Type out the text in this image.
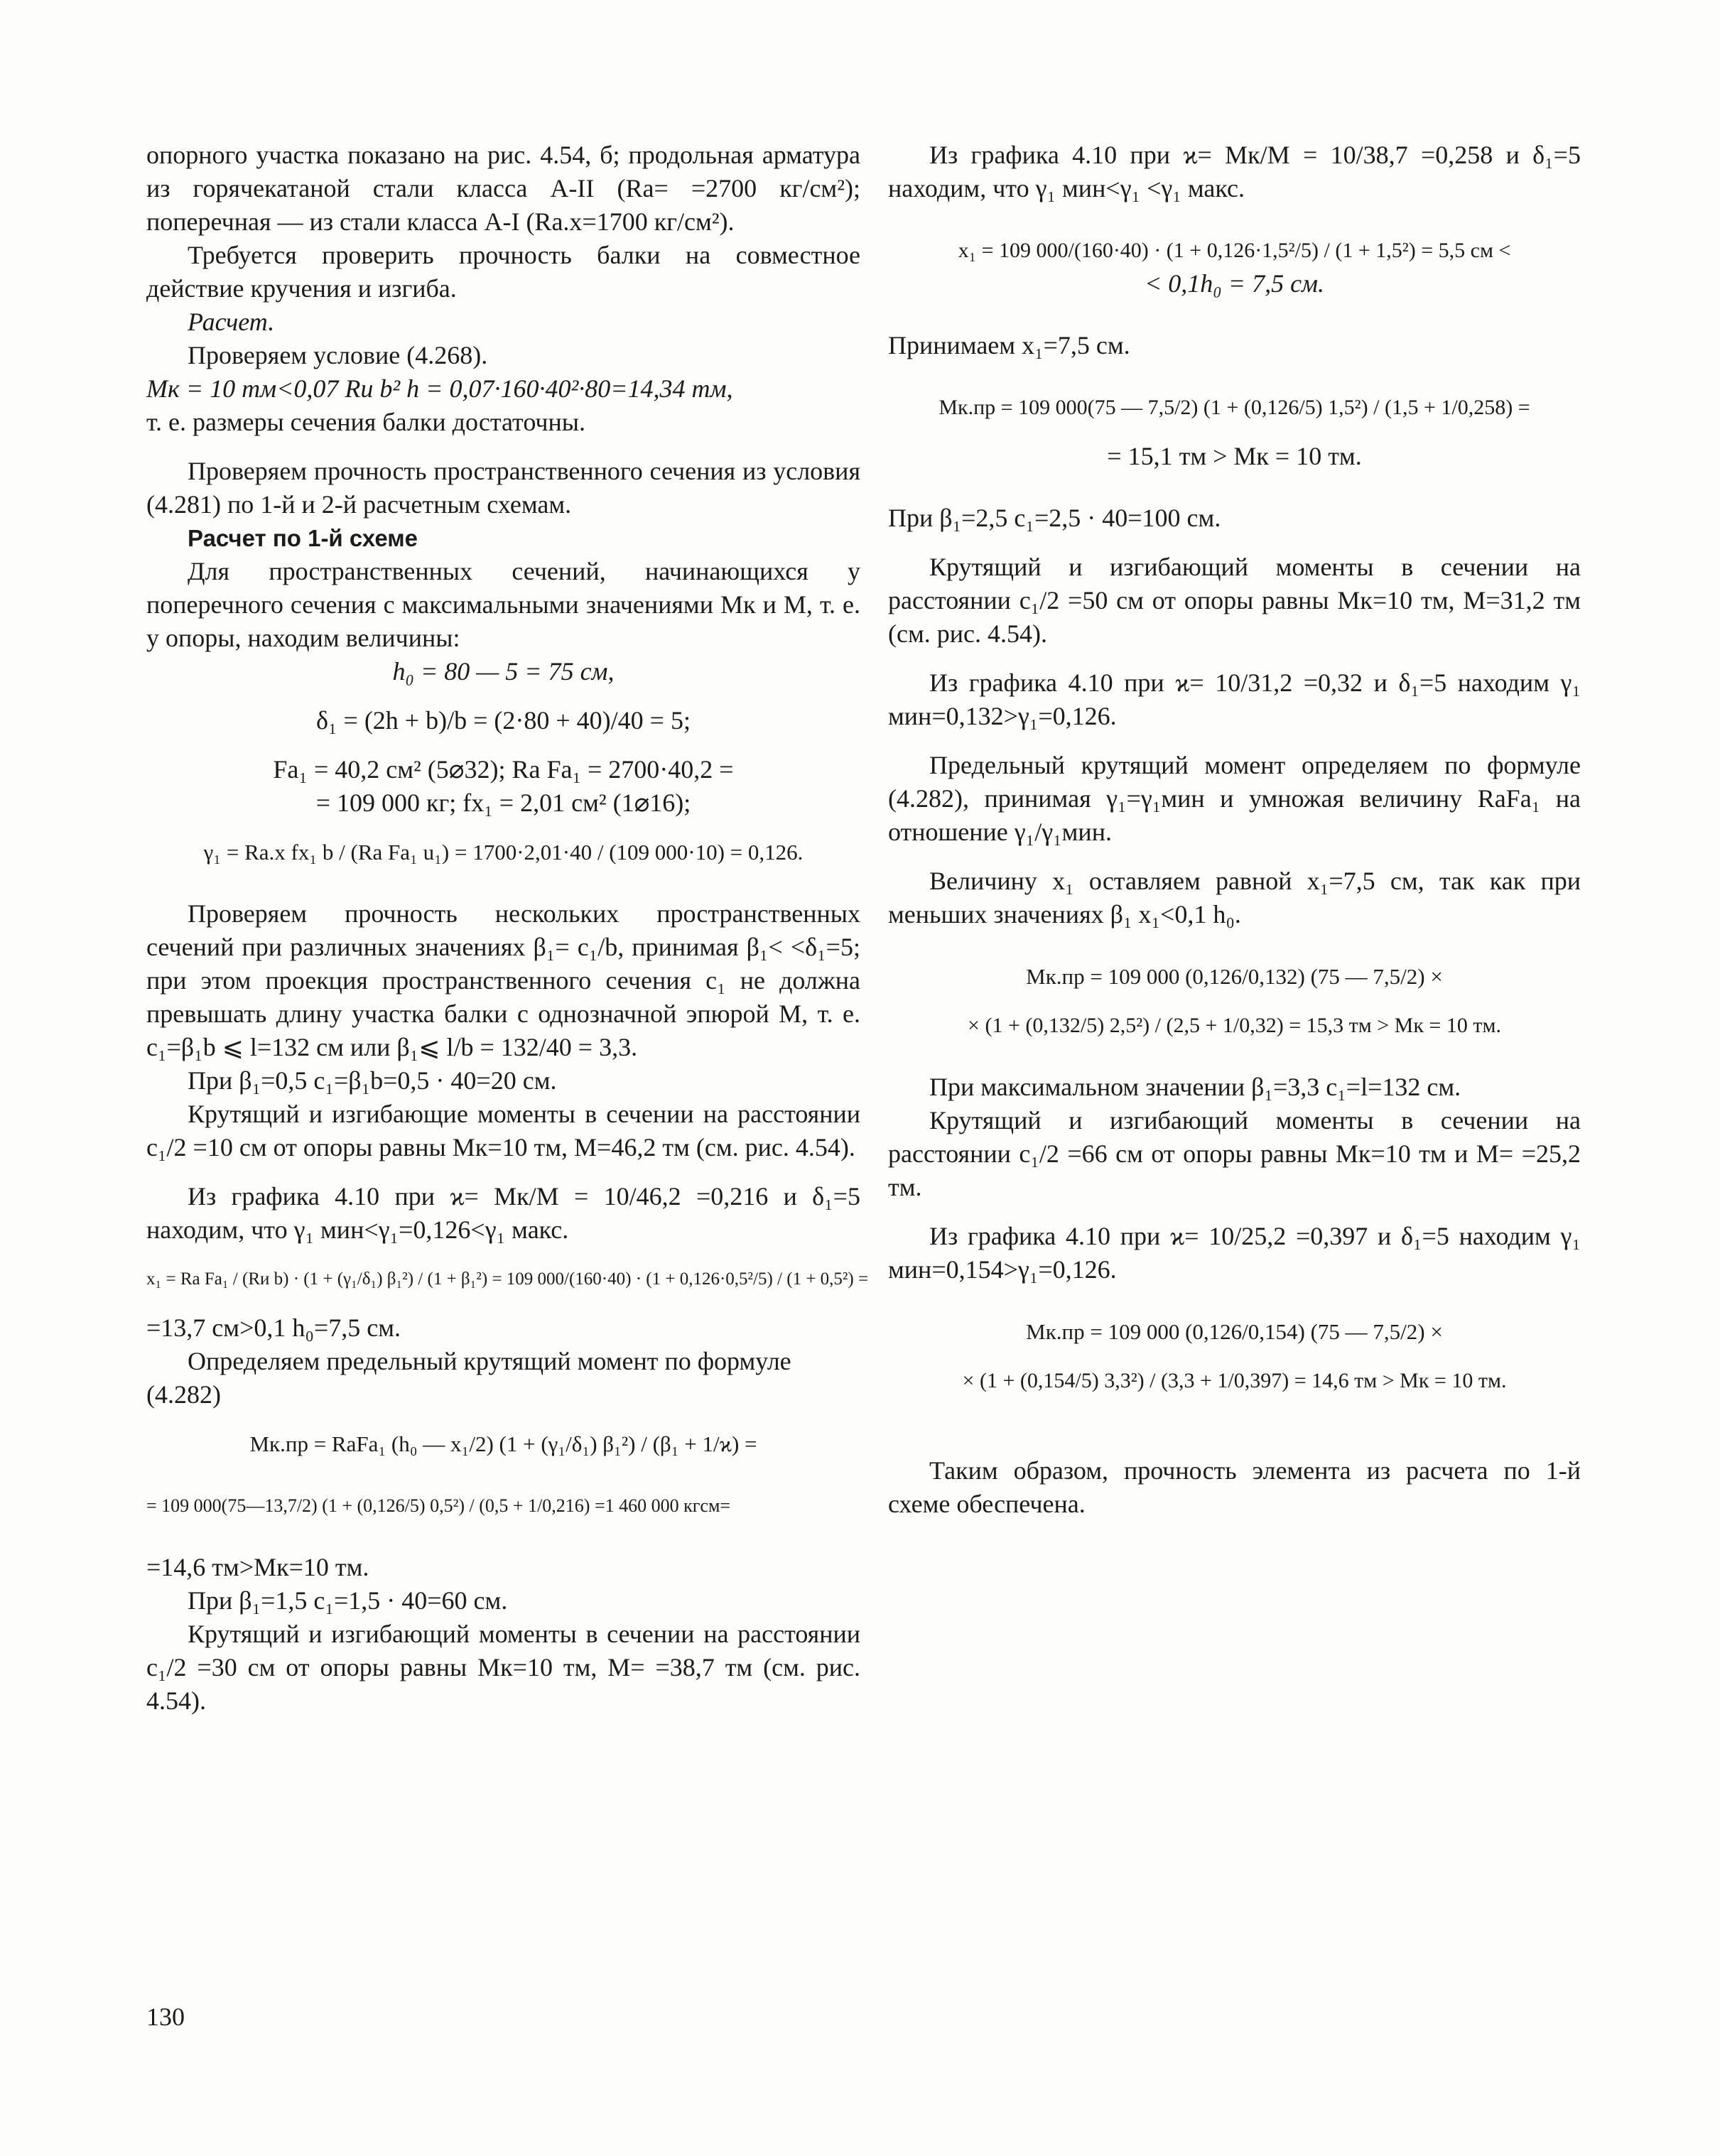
опорного участка показано на рис. 4.54, б; продольная арматура из горячекатаной стали класса А-II (Rа= =2700 кг/см²); поперечная — из стали класса А-I (Rа.х=1700 кг/см²).

Требуется проверить прочность балки на совместное действие кручения и изгиба.

Расчет.

Проверяем условие (4.268).

Мк = 10 тм<0,07 Rи b² h = 0,07·160·40²·80=14,34 тм,

т. е. размеры сечения балки достаточны.

Проверяем прочность пространственного сечения из условия (4.281) по 1-й и 2-й расчетным схемам.

Расчет по 1-й схеме

Для пространственных сечений, начинающихся у поперечного сечения с максимальными значениями Мк и М, т. е. у опоры, находим величины:

h₀ = 80 — 5 = 75 см,

δ₁ = (2h + b)/b = (2·80 + 40)/40 = 5;

Fa₁ = 40,2 см² (5⌀32); Ra Fa₁ = 2700·40,2 =

= 109 000 кг; fx₁ = 2,01 см² (1⌀16);

γ₁ = Ra.x fx₁ b / (Ra Fa₁ u₁) = 1700·2,01·40 / (109 000·10) = 0,126.

Проверяем прочность нескольких пространственных сечений при различных значениях β₁= c₁/b, принимая β₁< <δ₁=5; при этом проекция пространственного сечения c₁ не должна превышать длину участка балки с однозначной эпюрой М, т. е. c₁=β₁b ⩽ l=132 см или β₁⩽ l/b = 132/40 = 3,3.

При β₁=0,5 c₁=β₁b=0,5 · 40=20 см.

Крутящий и изгибающие моменты в сечении на расстоянии c₁/2 =10 см от опоры равны Мк=10 тм, М=46,2 тм (см. рис. 4.54).

Из графика 4.10 при ϰ= Мк/М = 10/46,2 =0,216 и δ₁=5 находим, что γ₁ мин<γ₁=0,126<γ₁ макс.

x₁ = Ra Fa₁ / (Rи b) · (1 + (γ₁/δ₁) β₁²) / (1 + β₁²) = 109 000/(160·40) · (1 + 0,126·0,5²/5) / (1 + 0,5²) =

=13,7 см>0,1 h₀=7,5 см.

Определяем предельный крутящий момент по формуле (4.282)

Мк.пр = RaFa₁ (h₀ — x₁/2) (1 + (γ₁/δ₁) β₁²) / (β₁ + 1/ϰ) =

= 109 000(75—13,7/2) (1 + (0,126/5) 0,5²) / (0,5 + 1/0,216) =1 460 000 кгсм=

=14,6 тм>Мк=10 тм.

При β₁=1,5 c₁=1,5 · 40=60 см.

Крутящий и изгибающий моменты в сечении на расстоянии c₁/2 =30 см от опоры равны Мк=10 тм, М= =38,7 тм (см. рис. 4.54).

Из графика 4.10 при ϰ= Мк/М = 10/38,7 =0,258 и δ₁=5 находим, что γ₁ мин<γ₁ <γ₁ макс.

x₁ = 109 000/(160·40) · (1 + 0,126·1,5²/5) / (1 + 1,5²) = 5,5 см <

< 0,1h₀ = 7,5 см.

Принимаем x₁=7,5 см.

Мк.пр = 109 000(75 — 7,5/2) (1 + (0,126/5) 1,5²) / (1,5 + 1/0,258) =

= 15,1 тм > Мк = 10 тм.

При β₁=2,5 c₁=2,5 · 40=100 см.

Крутящий и изгибающий моменты в сечении на расстоянии c₁/2 =50 см от опоры равны Мк=10 тм, М=31,2 тм (см. рис. 4.54).

Из графика 4.10 при ϰ= 10/31,2 =0,32 и δ₁=5 находим γ₁ мин=0,132>γ₁=0,126.

Предельный крутящий момент определяем по формуле (4.282), принимая γ₁=γ₁мин и умножая величину RaFa₁ на отношение γ₁/γ₁мин.

Величину x₁ оставляем равной x₁=7,5 см, так как при меньших значениях β₁ x₁<0,1 h₀.

Мк.пр = 109 000 (0,126/0,132) (75 — 7,5/2) ×

× (1 + (0,132/5) 2,5²) / (2,5 + 1/0,32) = 15,3 тм > Мк = 10 тм.

При максимальном значении β₁=3,3 c₁=l=132 см.

Крутящий и изгибающий моменты в сечении на расстоянии c₁/2 =66 см от опоры равны Мк=10 тм и М= =25,2 тм.

Из графика 4.10 при ϰ= 10/25,2 =0,397 и δ₁=5 находим γ₁ мин=0,154>γ₁=0,126.

Мк.пр = 109 000 (0,126/0,154) (75 — 7,5/2) ×

× (1 + (0,154/5) 3,3²) / (3,3 + 1/0,397) = 14,6 тм > Мк = 10 тм.

Таким образом, прочность элемента из расчета по 1-й схеме обеспечена.

130
